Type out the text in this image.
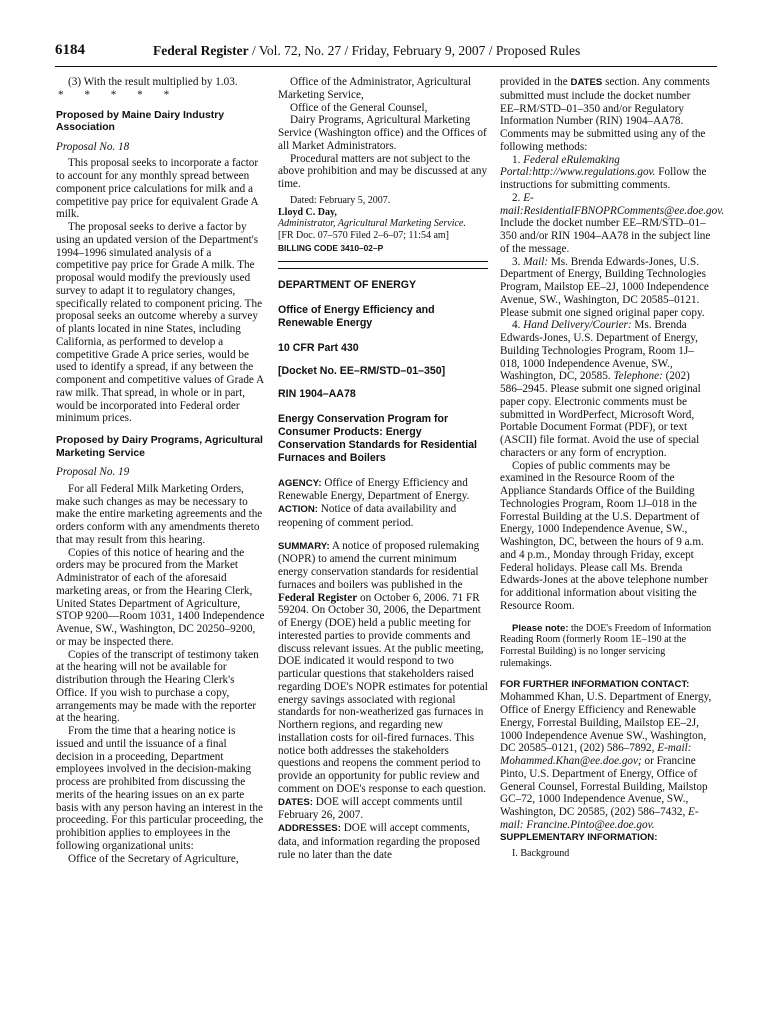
6184	Federal Register / Vol. 72, No. 27 / Friday, February 9, 2007 / Proposed Rules

(3) With the result multiplied by 1.03.

* * * * *

Proposed by Maine Dairy Industry Association

Proposal No. 18

This proposal seeks to incorporate a factor to account for any monthly spread between component price calculations for milk and a competitive pay price for equivalent Grade A milk.

The proposal seeks to derive a factor by using an updated version of the Department's 1994–1996 simulated analysis of a competitive pay price for Grade A milk. The proposal would modify the previously used survey to adapt it to regulatory changes, specifically related to component pricing. The proposal seeks an outcome whereby a survey of plants located in nine States, including California, as performed to develop a competitive Grade A price series, would be used to identify a spread, if any between the component and competitive values of Grade A raw milk. That spread, in whole or in part, would be incorporated into Federal order minimum prices.

Proposed by Dairy Programs, Agricultural Marketing Service

Proposal No. 19

For all Federal Milk Marketing Orders, make such changes as may be necessary to make the entire marketing agreements and the orders conform with any amendments thereto that may result from this hearing.

Copies of this notice of hearing and the orders may be procured from the Market Administrator of each of the aforesaid marketing areas, or from the Hearing Clerk, United States Department of Agriculture, STOP 9200—Room 1031, 1400 Independence Avenue, SW., Washington, DC 20250–9200, or may be inspected there.

Copies of the transcript of testimony taken at the hearing will not be available for distribution through the Hearing Clerk's Office. If you wish to purchase a copy, arrangements may be made with the reporter at the hearing.

From the time that a hearing notice is issued and until the issuance of a final decision in a proceeding, Department employees involved in the decision-making process are prohibited from discussing the merits of the hearing issues on an ex parte basis with any person having an interest in the proceeding. For this particular proceeding, the prohibition applies to employees in the following organizational units:

Office of the Secretary of Agriculture,

Office of the Administrator, Agricultural Marketing Service,

Office of the General Counsel,

Dairy Programs, Agricultural Marketing Service (Washington office) and the Offices of all Market Administrators.

Procedural matters are not subject to the above prohibition and may be discussed at any time.

Dated: February 5, 2007.

Lloyd C. Day,

Administrator, Agricultural Marketing Service.

[FR Doc. 07–570 Filed 2–6–07; 11:54 am]

BILLING CODE 3410–02–P

DEPARTMENT OF ENERGY

Office of Energy Efficiency and Renewable Energy

10 CFR Part 430

[Docket No. EE–RM/STD–01–350]

RIN 1904–AA78

Energy Conservation Program for Consumer Products: Energy Conservation Standards for Residential Furnaces and Boilers

AGENCY: Office of Energy Efficiency and Renewable Energy, Department of Energy.

ACTION: Notice of data availability and reopening of comment period.

SUMMARY: A notice of proposed rulemaking (NOPR) to amend the current minimum energy conservation standards for residential furnaces and boilers was published in the Federal Register on October 6, 2006. 71 FR 59204. On October 30, 2006, the Department of Energy (DOE) held a public meeting for interested parties to provide comments and discuss relevant issues. At the public meeting, DOE indicated it would respond to two particular questions that stakeholders raised regarding DOE's NOPR estimates for potential energy savings associated with regional standards for non-weatherized gas furnaces in Northern regions, and regarding new installation costs for oil-fired furnaces. This notice both addresses the stakeholders questions and reopens the comment period to provide an opportunity for public review and comment on DOE's response to each question.

DATES: DOE will accept comments until February 26, 2007.

ADDRESSES: DOE will accept comments, data, and information regarding the proposed rule no later than the date

provided in the DATES section. Any comments submitted must include the docket number EE–RM/STD–01–350 and/or Regulatory Information Number (RIN) 1904–AA78. Comments may be submitted using any of the following methods:

1. Federal eRulemaking Portal:http://www.regulations.gov. Follow the instructions for submitting comments.

2. E-mail:ResidentialFBNOPRComments@ee.doe.gov. Include the docket number EE–RM/STD–01–350 and/or RIN 1904–AA78 in the subject line of the message.

3. Mail: Ms. Brenda Edwards-Jones, U.S. Department of Energy, Building Technologies Program, Mailstop EE–2J, 1000 Independence Avenue, SW., Washington, DC 20585–0121. Please submit one signed original paper copy.

4. Hand Delivery/Courier: Ms. Brenda Edwards-Jones, U.S. Department of Energy, Building Technologies Program, Room 1J–018, 1000 Independence Avenue, SW., Washington, DC, 20585. Telephone: (202) 586–2945. Please submit one signed original paper copy. Electronic comments must be submitted in WordPerfect, Microsoft Word, Portable Document Format (PDF), or text (ASCII) file format. Avoid the use of special characters or any form of encryption.

Copies of public comments may be examined in the Resource Room of the Appliance Standards Office of the Building Technologies Program, Room 1J–018 in the Forrestal Building at the U.S. Department of Energy, 1000 Independence Avenue, SW., Washington, DC, between the hours of 9 a.m. and 4 p.m., Monday through Friday, except Federal holidays. Please call Ms. Brenda Edwards-Jones at the above telephone number for additional information about visiting the Resource Room.

Please note: the DOE's Freedom of Information Reading Room (formerly Room 1E–190 at the Forrestal Building) is no longer servicing rulemakings.

FOR FURTHER INFORMATION CONTACT:
Mohammed Khan, U.S. Department of Energy, Office of Energy Efficiency and Renewable Energy, Forrestal Building, Mailstop EE–2J, 1000 Independence Avenue SW., Washington, DC 20585–0121, (202) 586–7892, E-mail: Mohammed.Khan@ee.doe.gov; or Francine Pinto, U.S. Department of Energy, Office of General Counsel, Forrestal Building, Mailstop GC–72, 1000 Independence Avenue, SW., Washington, DC 20585, (202) 586–7432, E-mail: Francine.Pinto@ee.doe.gov.

SUPPLEMENTARY INFORMATION:

I. Background
